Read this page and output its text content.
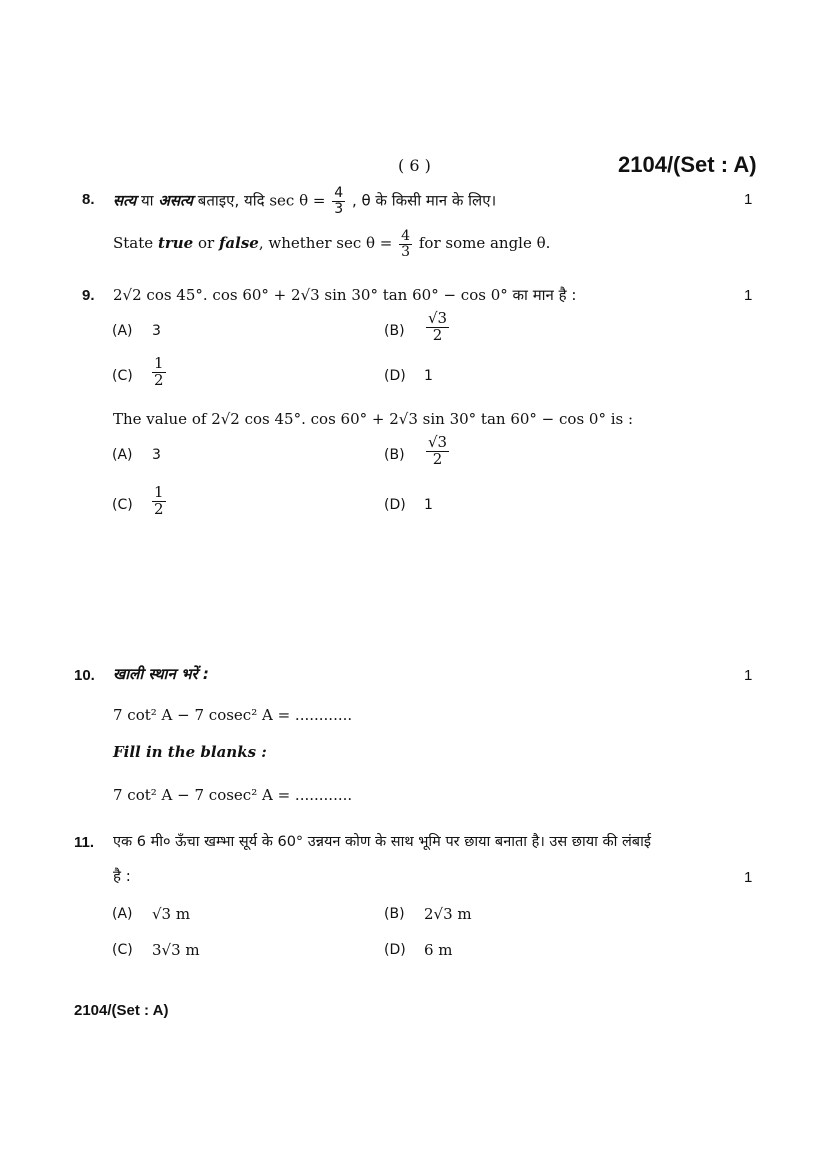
( 6 )	2104/(Set : A)
8. सत्य या असत्य बताइए, यदि $\sec \theta = \frac{4}{3}$ , θ के किसी मान के लिए।	1
State true or false, whether $\sec \theta = \frac{4}{3}$ for some angle θ.
9. 2√2 cos 45°. cos 60° + 2√3 sin 30° tan 60° − cos 0° का मान है :	1
(A) 3	$(B) \frac{√3}{2}$
$(C) \frac{1}{2}$	(D) 1
The value of 2√2 cos 45°. cos 60° + 2√3 sin 30° tan 60° − cos 0° is :
(A) 3	$(B) \frac{√3}{2}$
$(C) \frac{1}{2}$	(D) 1
10. खाली स्थान भरें :	1
7 cot² A − 7 cosec² A = ............
Fill in the blanks :
7 cot² A − 7 cosec² A = ............
11. एक 6 मी० ऊँचा खम्भा सूर्य के 60° उन्नयन कोण के साथ भूमि पर छाया बनाता है। उस छाया की लंबाई
है :	1
(A) √3 m	(B) 2√3 m
(C) 3√3 m	(D) 6 m
2104/(Set : A)
